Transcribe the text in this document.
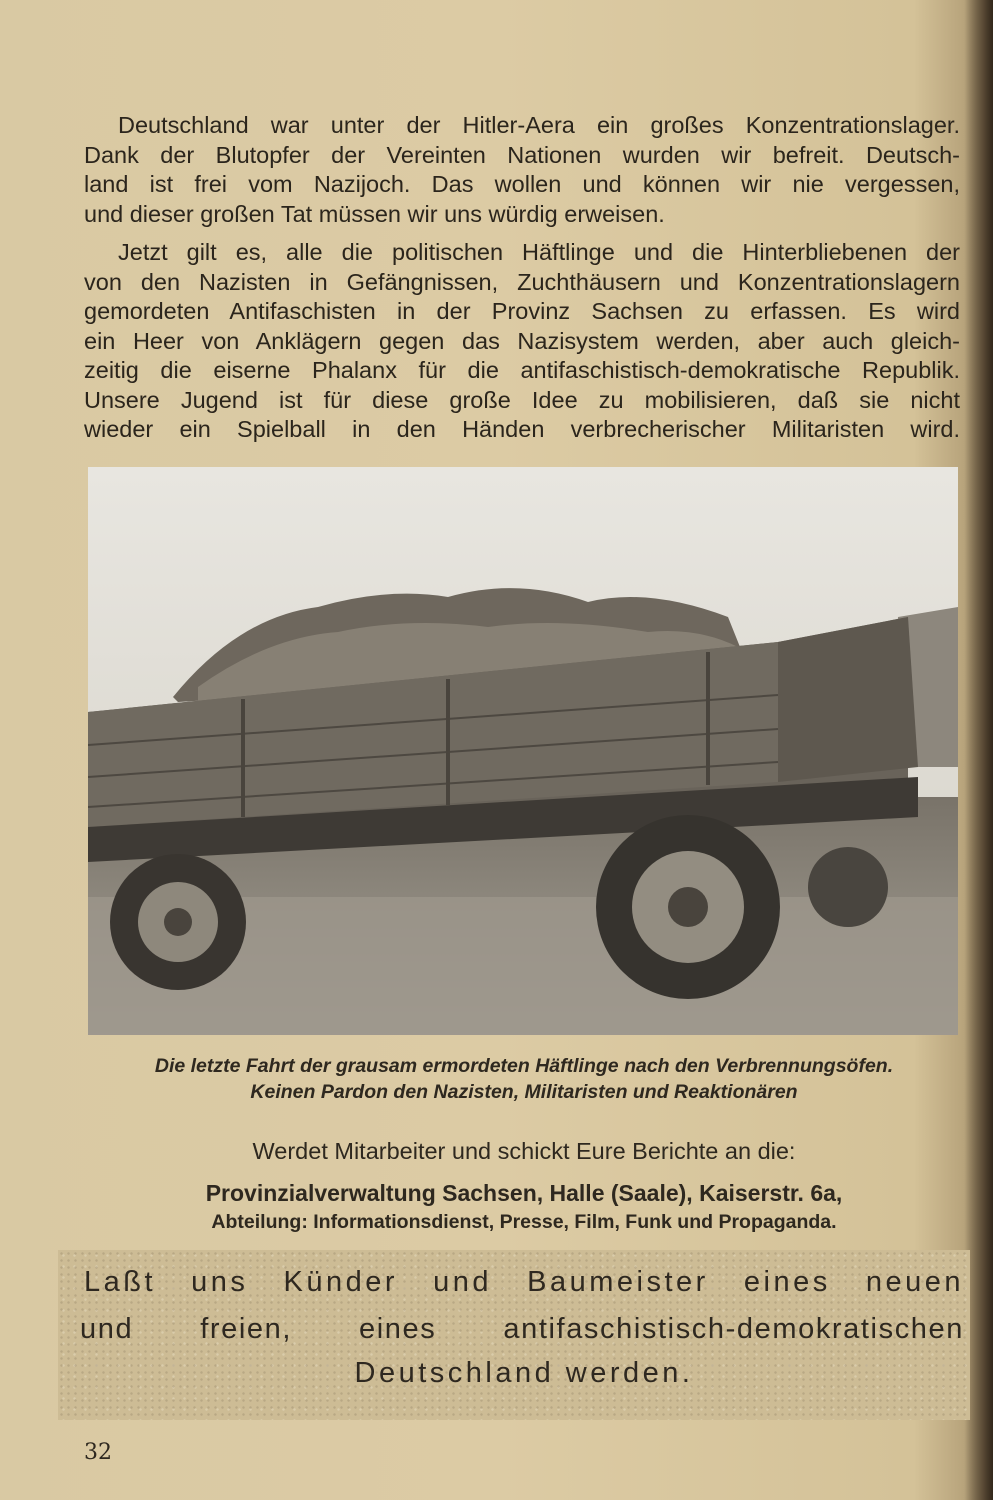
Deutschland war unter der Hitler-Aera ein großes Konzentrationslager.
Dank der Blutopfer der Vereinten Nationen wurden wir befreit. Deutsch-
land ist frei vom Nazijoch. Das wollen und können wir nie vergessen,
und dieser großen Tat müssen wir uns würdig erweisen.
Jetzt gilt es, alle die politischen Häftlinge und die Hinterbliebenen der
von den Nazisten in Gefängnissen, Zuchthäusern und Konzentrationslagern
gemordeten Antifaschisten in der Provinz Sachsen zu erfassen. Es wird
ein Heer von Anklägern gegen das Nazisystem werden, aber auch gleich-
zeitig die eiserne Phalanx für die antifaschistisch-demokratische Republik.
Unsere Jugend ist für diese große Idee zu mobilisieren, daß sie nicht
wieder ein Spielball in den Händen verbrecherischer Militaristen wird.

Die letzte Fahrt der grausam ermordeten Häftlinge nach den Verbrennungsöfen.

Keinen Pardon den Nazisten, Militaristen und Reaktionären

Werdet Mitarbeiter und schickt Eure Berichte an die:

Provinzialverwaltung Sachsen, Halle (Saale), Kaiserstr. 6a,

Abteilung: Informationsdienst, Presse, Film, Funk und Propaganda.

Laßt uns Künder und Baumeister eines neuen

und freien, eines antifaschistisch-demokratischen

Deutschland werden.

32
